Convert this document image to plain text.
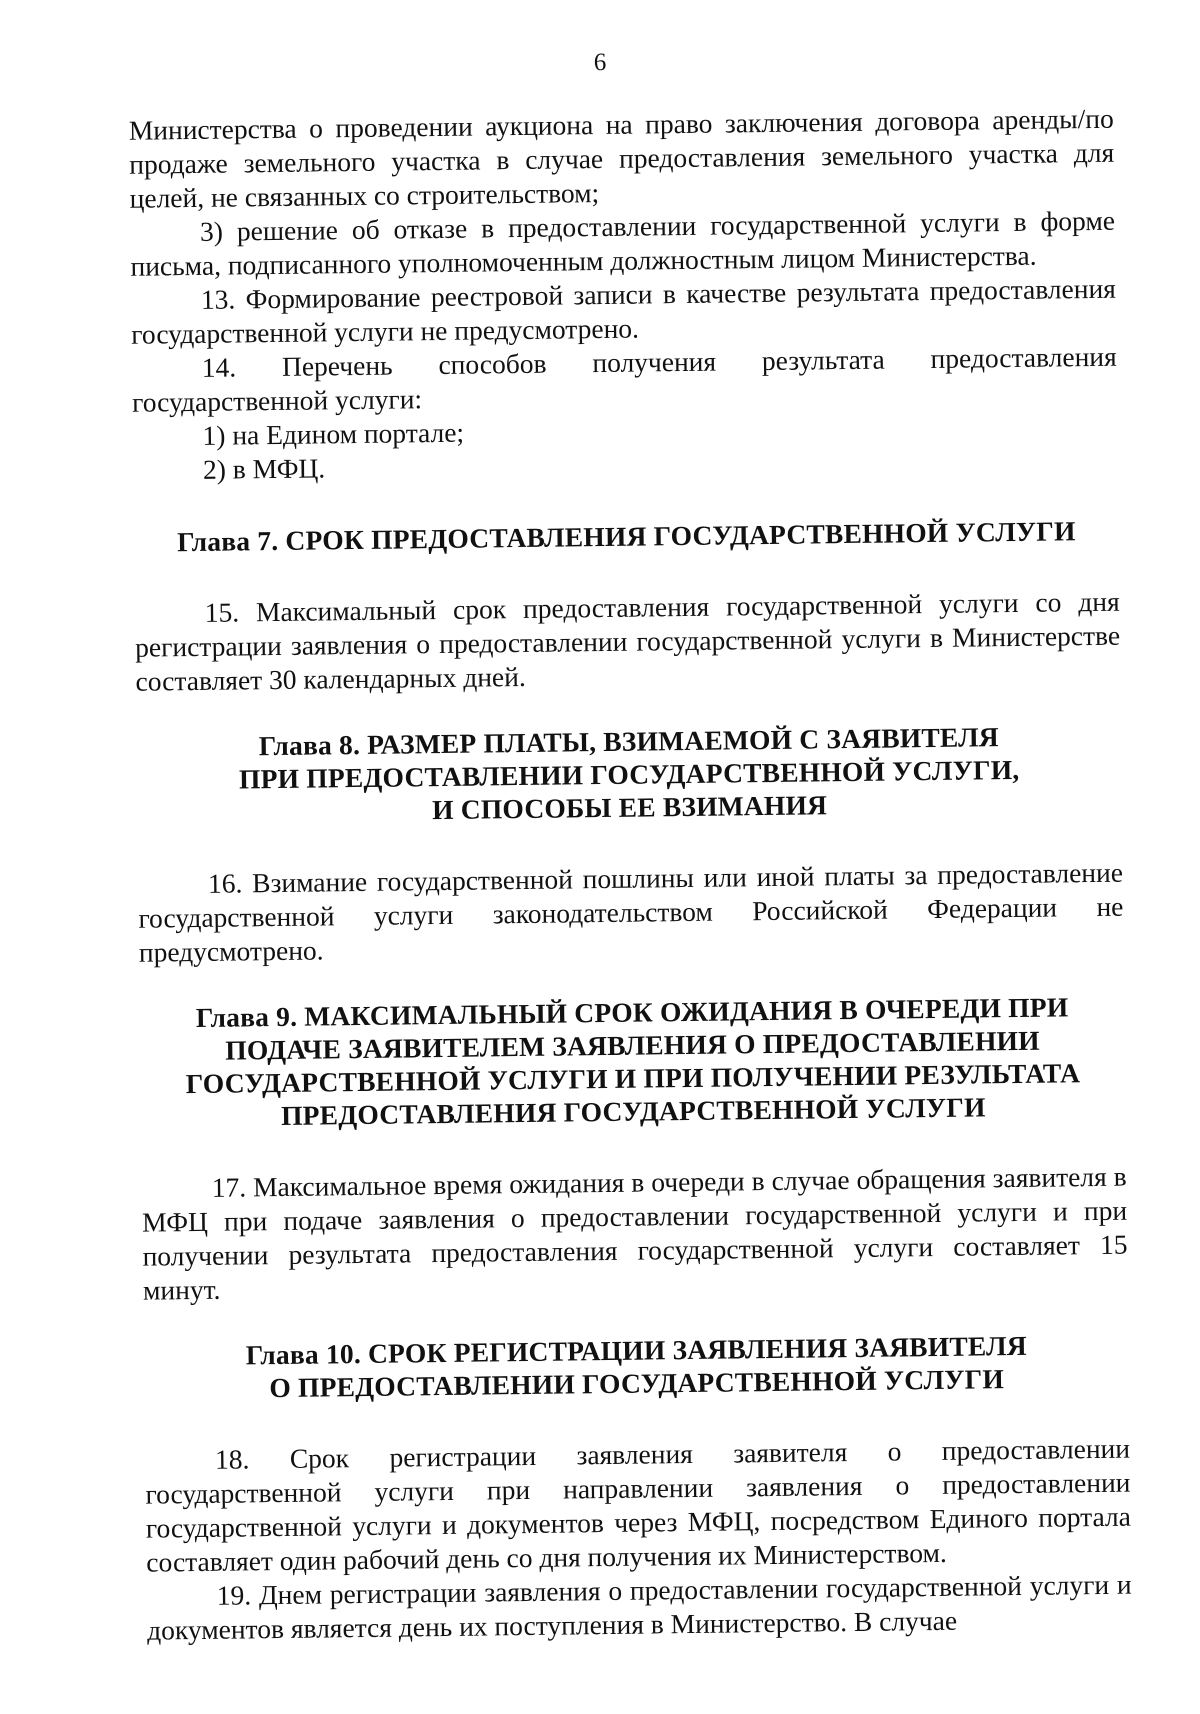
6

Министерства о проведении аукциона на право заключения договора аренды/по продаже земельного участка в случае предоставления земельного участка для целей, не связанных со строительством;

3) решение об отказе в предоставлении государственной услуги в форме письма, подписанного уполномоченным должностным лицом Министерства.

13. Формирование реестровой записи в качестве результата предоставления государственной услуги не предусмотрено.

14. Перечень способов получения результата предоставления государственной услуги:

1) на Едином портале;

2) в МФЦ.

Глава 7. СРОК ПРЕДОСТАВЛЕНИЯ ГОСУДАРСТВЕННОЙ УСЛУГИ

15. Максимальный срок предоставления государственной услуги со дня регистрации заявления о предоставлении государственной услуги в Министерстве составляет 30 календарных дней.

Глава 8. РАЗМЕР ПЛАТЫ, ВЗИМАЕМОЙ С ЗАЯВИТЕЛЯ
ПРИ ПРЕДОСТАВЛЕНИИ ГОСУДАРСТВЕННОЙ УСЛУГИ,
И СПОСОБЫ ЕЕ ВЗИМАНИЯ

16. Взимание государственной пошлины или иной платы за предоставление государственной услуги законодательством Российской Федерации не предусмотрено.

Глава 9. МАКСИМАЛЬНЫЙ СРОК ОЖИДАНИЯ В ОЧЕРЕДИ ПРИ
ПОДАЧЕ ЗАЯВИТЕЛЕМ ЗАЯВЛЕНИЯ О ПРЕДОСТАВЛЕНИИ
ГОСУДАРСТВЕННОЙ УСЛУГИ И ПРИ ПОЛУЧЕНИИ РЕЗУЛЬТАТА
ПРЕДОСТАВЛЕНИЯ ГОСУДАРСТВЕННОЙ УСЛУГИ

17. Максимальное время ожидания в очереди в случае обращения заявителя в МФЦ при подаче заявления о предоставлении государственной услуги и при получении результата предоставления государственной услуги составляет 15 минут.

Глава 10. СРОК РЕГИСТРАЦИИ ЗАЯВЛЕНИЯ ЗАЯВИТЕЛЯ
О ПРЕДОСТАВЛЕНИИ ГОСУДАРСТВЕННОЙ УСЛУГИ

18. Срок регистрации заявления заявителя о предоставлении государственной услуги при направлении заявления о предоставлении государственной услуги и документов через МФЦ, посредством Единого портала составляет один рабочий день со дня получения их Министерством.

19. Днем регистрации заявления о предоставлении государственной услуги и документов является день их поступления в Министерство. В случае
